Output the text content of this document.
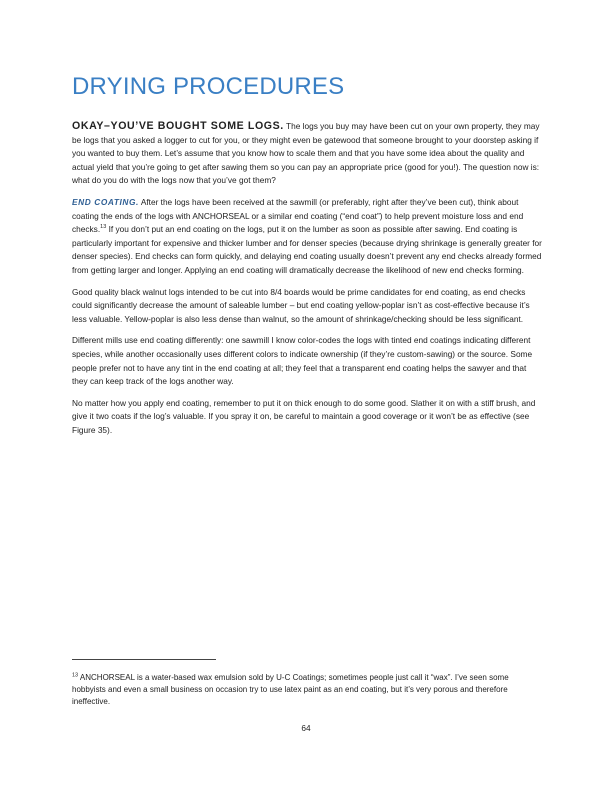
DRYING PROCEDURES

OKAY–YOU’VE BOUGHT SOME LOGS. The logs you buy may have been cut on your own property, they may be logs that you asked a logger to cut for you, or they might even be gatewood that someone brought to your doorstep asking if you wanted to buy them. Let’s assume that you know how to scale them and that you have some idea about the quality and actual yield that you’re going to get after sawing them so you can pay an appropriate price (good for you!). The question now is: what do you do with the logs now that you’ve got them?

END COATING. After the logs have been received at the sawmill (or preferably, right after they’ve been cut), think about coating the ends of the logs with ANCHORSEAL or a similar end coating (“end coat”) to help prevent moisture loss and end checks.$^{13}$ If you don’t put an end coating on the logs, put it on the lumber as soon as possible after sawing. End coating is particularly important for expensive and thicker lumber and for denser species (because drying shrinkage is generally greater for denser species). End checks can form quickly, and delaying end coating usually doesn’t prevent any end checks already formed from getting larger and longer. Applying an end coating will dramatically decrease the likelihood of new end checks forming.

Good quality black walnut logs intended to be cut into 8/4 boards would be prime candidates for end coating, as end checks could significantly decrease the amount of saleable lumber – but end coating yellow-poplar isn’t as cost-effective because it’s less valuable. Yellow-poplar is also less dense than walnut, so the amount of shrinkage/checking should be less significant.

Different mills use end coating differently: one sawmill I know color-codes the logs with tinted end coatings indicating different species, while another occasionally uses different colors to indicate ownership (if they’re custom-sawing) or the source. Some people prefer not to have any tint in the end coating at all; they feel that a transparent end coating helps the sawyer and that they can keep track of the logs another way.

No matter how you apply end coating, remember to put it on thick enough to do some good. Slather it on with a stiff brush, and give it two coats if the log’s valuable. If you spray it on, be careful to maintain a good coverage or it won’t be as effective (see Figure 35).

$^{13}$ ANCHORSEAL is a water-based wax emulsion sold by U-C Coatings; sometimes people just call it “wax”. I’ve seen some hobbyists and even a small business on occasion try to use latex paint as an end coating, but it’s very porous and therefore ineffective.
64
